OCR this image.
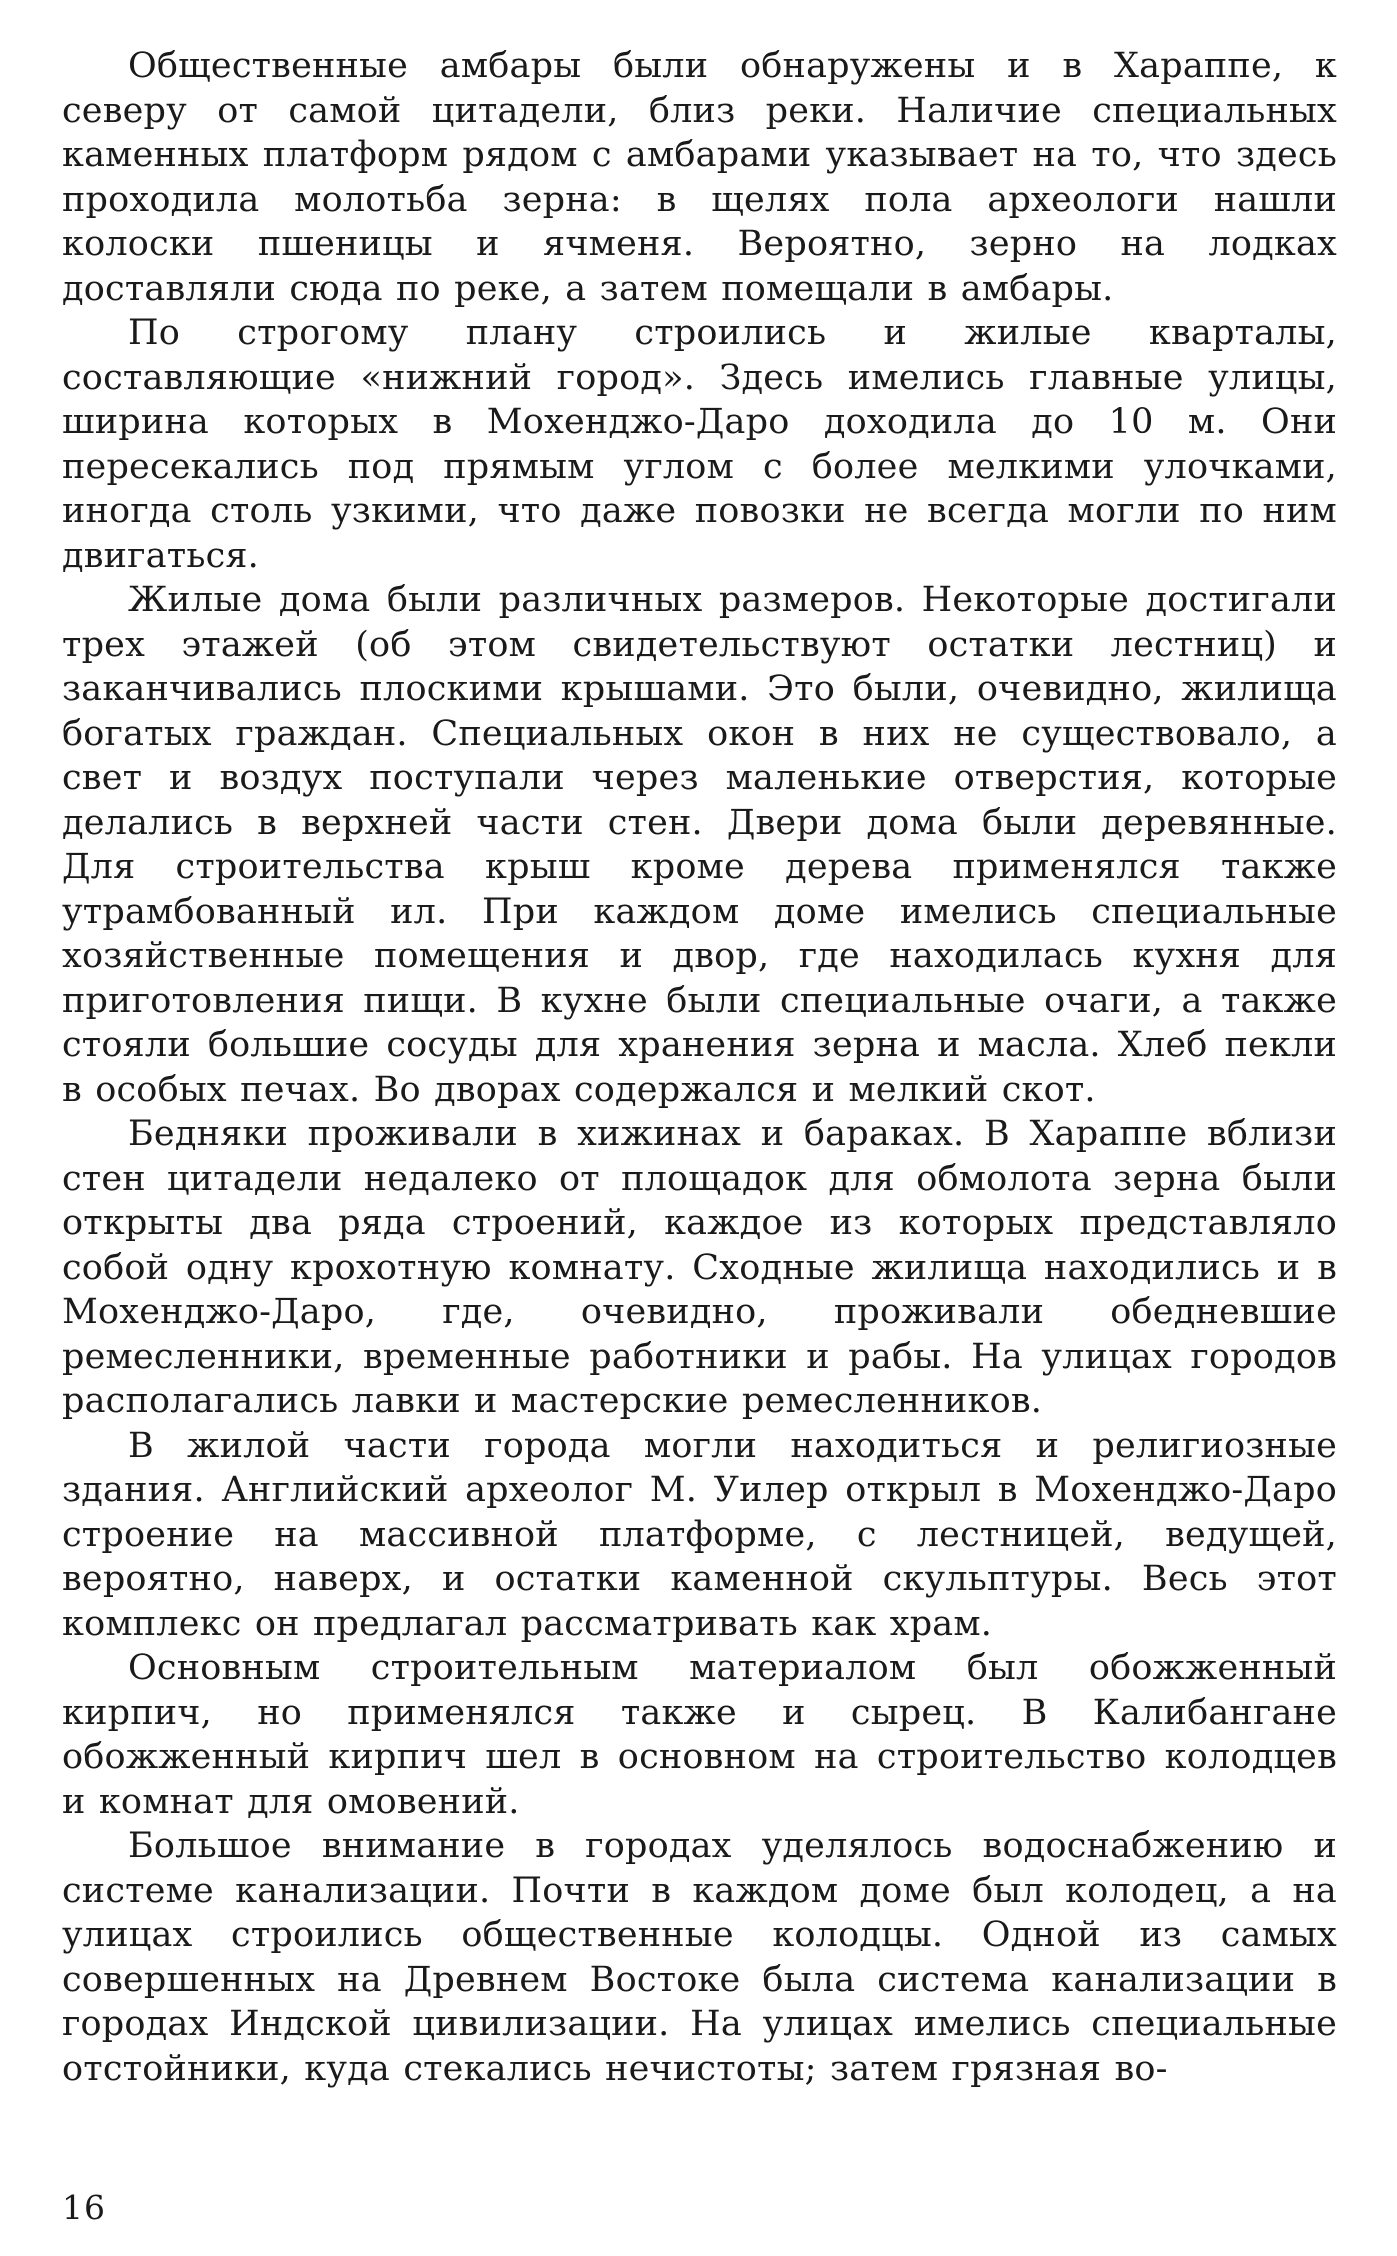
Общественные амбары были обнаружены и в Хараппе, к северу от самой цитадели, близ реки. Наличие специальных каменных платформ рядом с амбарами указывает на то, что здесь проходила молотьба зерна: в щелях пола археологи нашли колоски пшеницы и ячменя. Вероятно, зерно на лодках доставляли сюда по реке, а затем помещали в амбары.

По строгому плану строились и жилые кварталы, составляющие «нижний город». Здесь имелись главные улицы, ширина которых в Мохенджо-Даро доходила до 10 м. Они пересекались под прямым углом с более мелкими улочками, иногда столь узкими, что даже повозки не всегда могли по ним двигаться.

Жилые дома были различных размеров. Некоторые достигали трех этажей (об этом свидетельствуют остатки лестниц) и заканчивались плоскими крышами. Это были, очевидно, жилища богатых граждан. Специальных окон в них не существовало, а свет и воздух поступали через маленькие отверстия, которые делались в верхней части стен. Двери дома были деревянные. Для строительства крыш кроме дерева применялся также утрамбованный ил. При каждом доме имелись специальные хозяйственные помещения и двор, где находилась кухня для приготовления пищи. В кухне были специальные очаги, а также стояли большие сосуды для хранения зерна и масла. Хлеб пекли в особых печах. Во дворах содержался и мелкий скот.

Бедняки проживали в хижинах и бараках. В Хараппе вблизи стен цитадели недалеко от площадок для обмолота зерна были открыты два ряда строений, каждое из которых представляло собой одну крохотную комнату. Сходные жилища находились и в Мохенджо-Даро, где, очевидно, проживали обедневшие ремесленники, временные работники и рабы. На улицах городов располагались лавки и мастерские ремесленников.

В жилой части города могли находиться и религиозные здания. Английский археолог М. Уилер открыл в Мохенджо-Даро строение на массивной платформе, с лестницей, ведущей, вероятно, наверх, и остатки каменной скульптуры. Весь этот комплекс он предлагал рассматривать как храм.

Основным строительным материалом был обожженный кирпич, но применялся также и сырец. В Калибангане обожженный кирпич шел в основном на строительство колодцев и комнат для омовений.

Большое внимание в городах уделялось водоснабжению и системе канализации. Почти в каждом доме был колодец, а на улицах строились общественные колодцы. Одной из самых совершенных на Древнем Востоке была система канализации в городах Индской цивилизации. На улицах имелись специальные отстойники, куда стекались нечистоты; затем грязная во-

16
